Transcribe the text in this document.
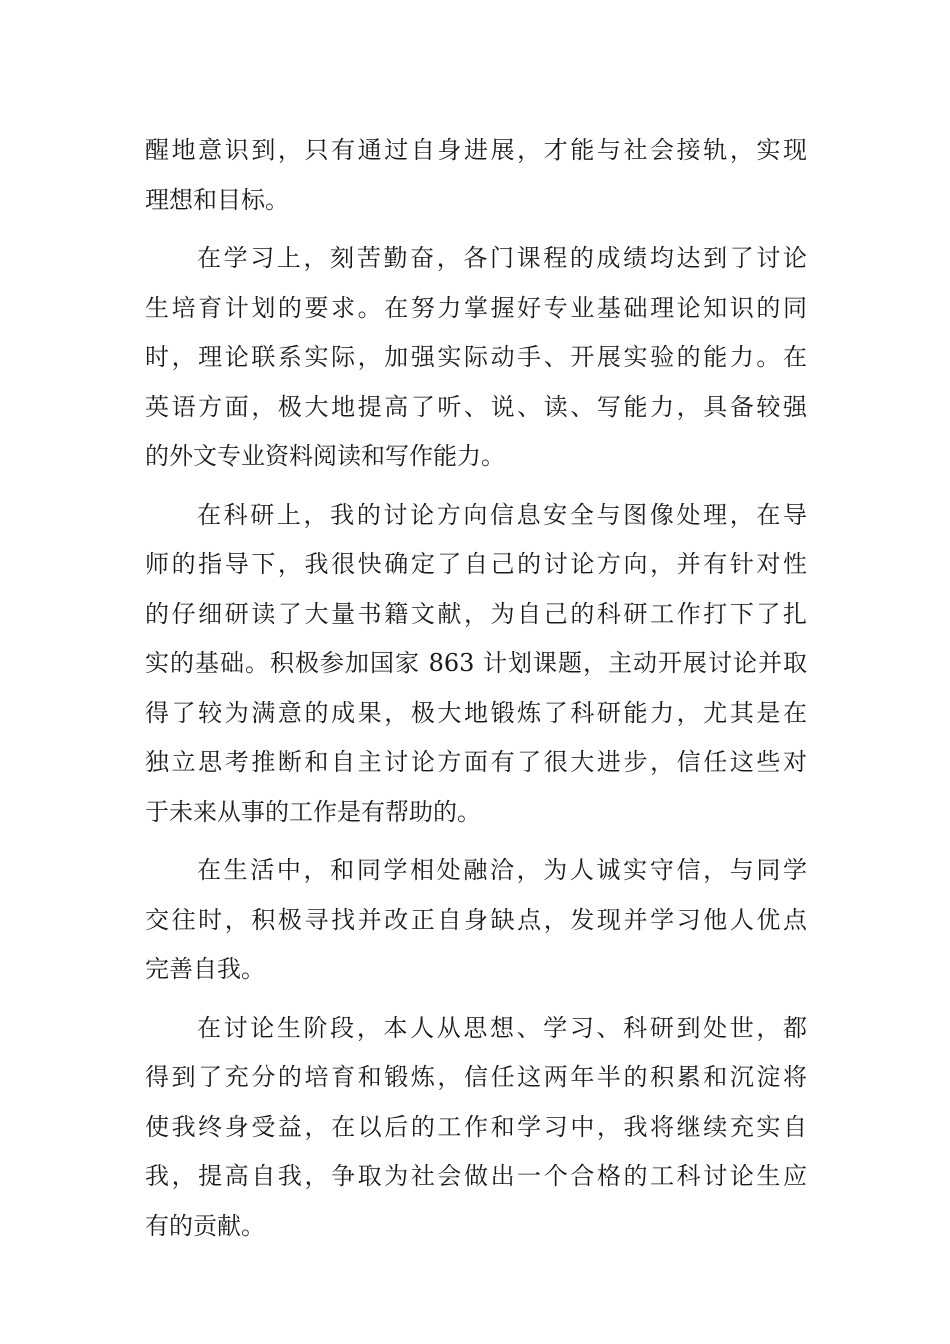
醒地意识到，只有通过自身进展，才能与社会接轨，实现
理想和目标。

在学习上，刻苦勤奋，各门课程的成绩均达到了讨论
生培育计划的要求。在努力掌握好专业基础理论知识的同
时，理论联系实际，加强实际动手、开展实验的能力。在
英语方面，极大地提高了听、说、读、写能力，具备较强
的外文专业资料阅读和写作能力。

在科研上，我的讨论方向信息安全与图像处理，在导
师的指导下，我很快确定了自己的讨论方向，并有针对性
的仔细研读了大量书籍文献，为自己的科研工作打下了扎
实的基础。积极参加国家 863 计划课题，主动开展讨论并取
得了较为满意的成果，极大地锻炼了科研能力，尤其是在
独立思考推断和自主讨论方面有了很大进步，信任这些对
于未来从事的工作是有帮助的。

在生活中，和同学相处融洽，为人诚实守信，与同学
交往时，积极寻找并改正自身缺点，发现并学习他人优点
完善自我。

在讨论生阶段，本人从思想、学习、科研到处世，都
得到了充分的培育和锻炼，信任这两年半的积累和沉淀将
使我终身受益，在以后的工作和学习中，我将继续充实自
我，提高自我，争取为社会做出一个合格的工科讨论生应
有的贡献。
